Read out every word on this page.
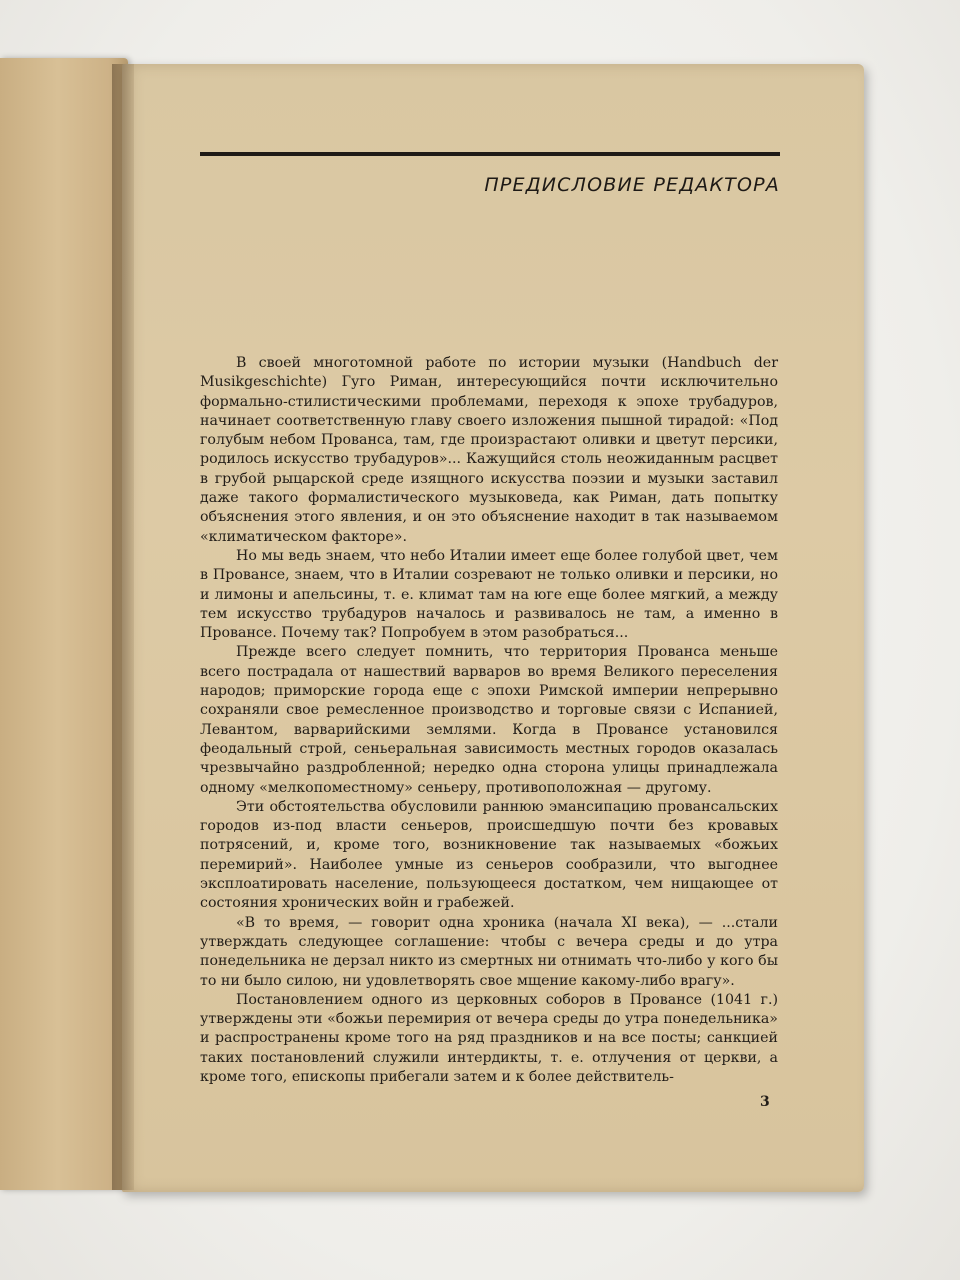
ПРЕДИСЛОВИЕ РЕДАКТОРА

В своей многотомной работе по истории музыки (Handbuch der Musikgeschichte) Гуго Риман, интересующийся почти исключительно формально-стилистическими проблемами, переходя к эпохе трубадуров, начинает соответственную главу своего изложения пышной тирадой: «Под голубым небом Прованса, там, где произрастают оливки и цветут персики, родилось искусство трубадуров»... Кажущийся столь неожиданным расцвет в грубой рыцарской среде изящного искусства поэзии и музыки заставил даже такого формалистического музыковеда, как Риман, дать попытку объяснения этого явления, и он это объяснение находит в так называемом «климатическом факторе».

Но мы ведь знаем, что небо Италии имеет еще более голубой цвет, чем в Провансе, знаем, что в Италии созревают не только оливки и персики, но и лимоны и апельсины, т. е. климат там на юге еще более мягкий, а между тем искусство трубадуров началось и развивалось не там, а именно в Провансе. Почему так? Попробуем в этом разобраться...

Прежде всего следует помнить, что территория Прованса меньше всего пострадала от нашествий варваров во время Великого переселения народов; приморские города еще с эпохи Римской империи непрерывно сохраняли свое ремесленное производство и торговые связи с Испанией, Левантом, варварийскими землями. Когда в Провансе установился феодальный строй, сеньеральная зависимость местных городов оказалась чрезвычайно раздробленной; нередко одна сторона улицы принадлежала одному «мелкопоместному» сеньеру, противоположная — другому.

Эти обстоятельства обусловили раннюю эмансипацию провансальских городов из-под власти сеньеров, происшедшую почти без кровавых потрясений, и, кроме того, возникновение так называемых «божьих перемирий». Наиболее умные из сеньеров сообразили, что выгоднее эксплоатировать население, пользующееся достатком, чем нищающее от состояния хронических войн и грабежей.

«В то время, — говорит одна хроника (начала XI века), — ...стали утверждать следующее соглашение: чтобы с вечера среды и до утра понедельника не дерзал никто из смертных ни отнимать что-либо у кого бы то ни было силою, ни удовлетворять свое мщение какому-либо врагу».

Постановлением одного из церковных соборов в Провансе (1041 г.) утверждены эти «божьи перемирия от вечера среды до утра понедельника» и распространены кроме того на ряд праздников и на все посты; санкцией таких постановлений служили интердикты, т. е. отлучения от церкви, а кроме того, епископы прибегали затем и к более действитель-

3
